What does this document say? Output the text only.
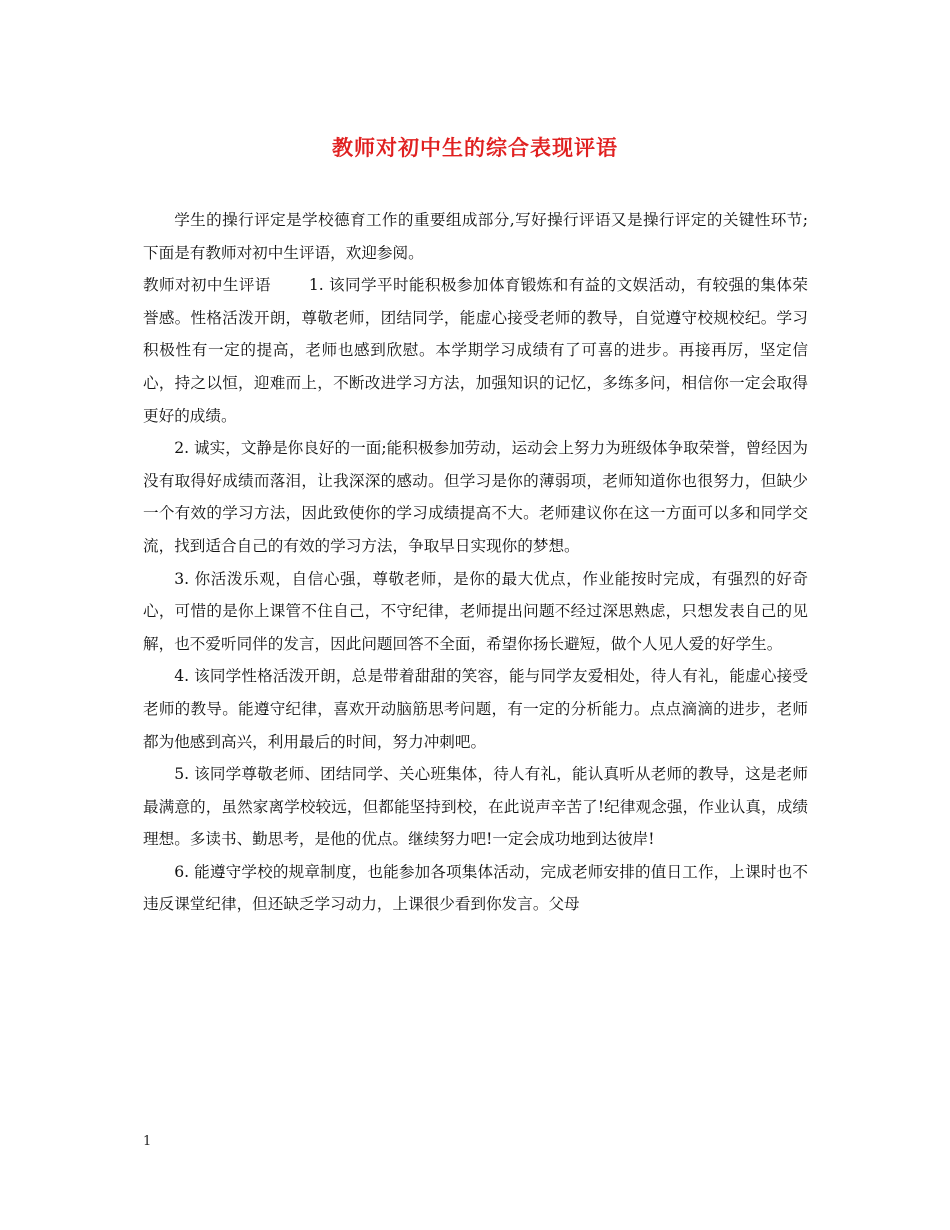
教师对初中生的综合表现评语

学生的操行评定是学校德育工作的重要组成部分,写好操行评语又是操行评定的关键性环节;下面是有教师对初中生评语，欢迎参阅。

教师对初中生评语 1. 该同学平时能积极参加体育锻炼和有益的文娱活动，有较强的集体荣誉感。性格活泼开朗，尊敬老师，团结同学，能虚心接受老师的教导，自觉遵守校规校纪。学习积极性有一定的提高，老师也感到欣慰。本学期学习成绩有了可喜的进步。再接再厉，坚定信心，持之以恒，迎难而上，不断改进学习方法，加强知识的记忆，多练多问，相信你一定会取得更好的成绩。

2. 诚实，文静是你良好的一面;能积极参加劳动，运动会上努力为班级体争取荣誉，曾经因为没有取得好成绩而落泪，让我深深的感动。但学习是你的薄弱项，老师知道你也很努力，但缺少一个有效的学习方法，因此致使你的学习成绩提高不大。老师建议你在这一方面可以多和同学交流，找到适合自己的有效的学习方法，争取早日实现你的梦想。

3. 你活泼乐观，自信心强，尊敬老师，是你的最大优点，作业能按时完成，有强烈的好奇心，可惜的是你上课管不住自己，不守纪律，老师提出问题不经过深思熟虑，只想发表自己的见解，也不爱听同伴的发言，因此问题回答不全面，希望你扬长避短，做个人见人爱的好学生。

4. 该同学性格活泼开朗，总是带着甜甜的笑容，能与同学友爱相处，待人有礼，能虚心接受老师的教导。能遵守纪律，喜欢开动脑筋思考问题，有一定的分析能力。点点滴滴的进步，老师都为他感到高兴，利用最后的时间，努力冲刺吧。

5. 该同学尊敬老师、团结同学、关心班集体，待人有礼，能认真听从老师的教导，这是老师最满意的，虽然家离学校较远，但都能坚持到校，在此说声辛苦了!纪律观念强，作业认真，成绩理想。多读书、勤思考，是他的优点。继续努力吧!一定会成功地到达彼岸!

6. 能遵守学校的规章制度，也能参加各项集体活动，完成老师安排的值日工作，上课时也不违反课堂纪律，但还缺乏学习动力，上课很少看到你发言。父母

1
